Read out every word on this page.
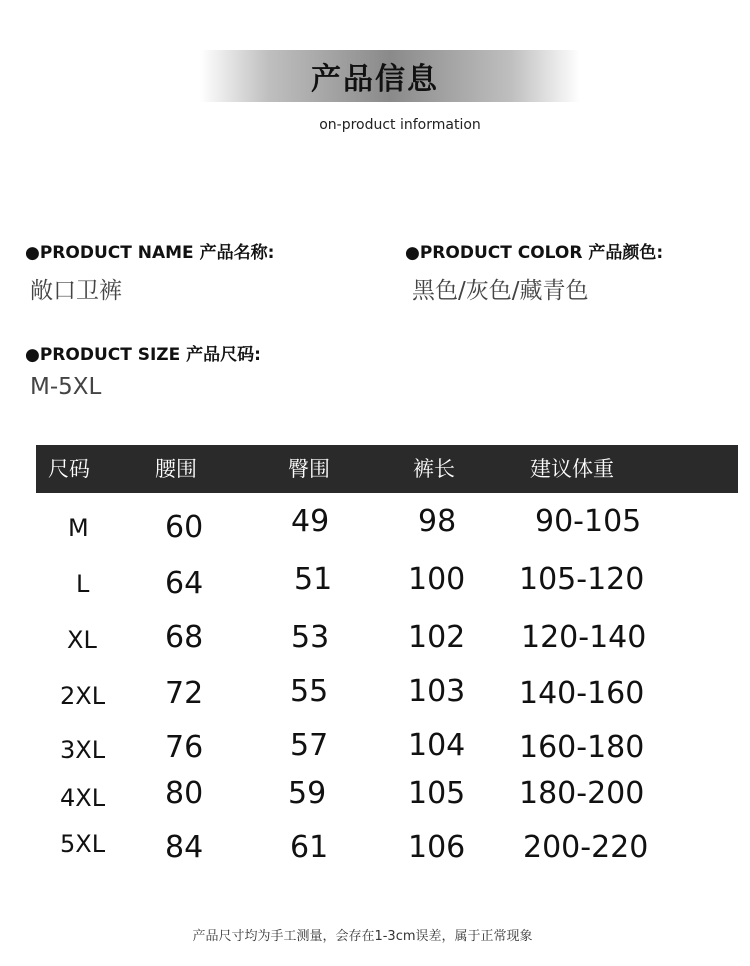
产品信息
on-product information
●PRODUCT NAME 产品名称:
敞口卫裤
●PRODUCT COLOR 产品颜色:
黑色/灰色/藏青色
●PRODUCT SIZE 产品尺码:
M-5XL
尺码	腰围	臀围	裤长	建议体重
M	60	49	98	90-105
L	64	51	100 105-120
XL 68	53	102 120-140
2XL 72	55	103 140-160
3XL 76	57	104 160-180
4XL 80	59	105 180-200
5XL 84	61	106 200-220
产品尺寸均为手工测量，会存在1-3cm误差，属于正常现象
